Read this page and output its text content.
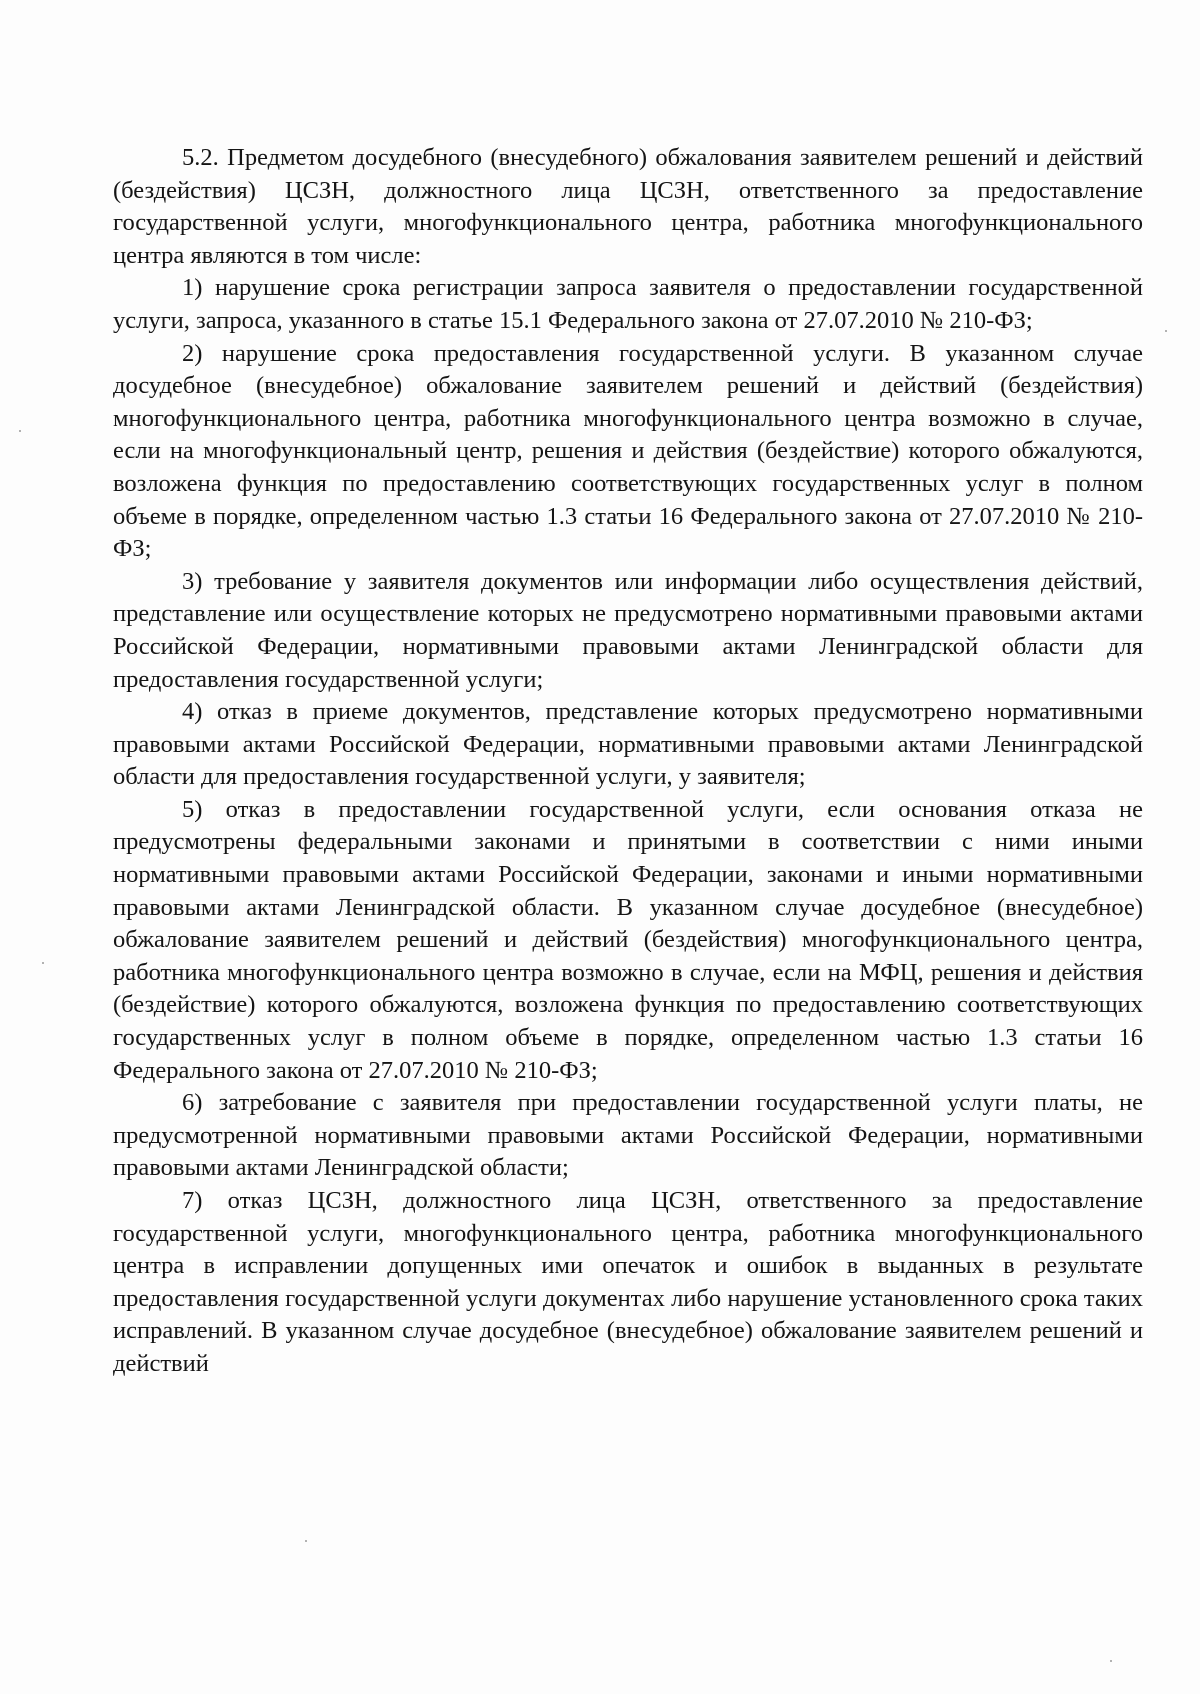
5.2. Предметом досудебного (внесудебного) обжалования заявителем решений и действий (бездействия) ЦСЗН, должностного лица ЦСЗН, ответственного за предоставление государственной услуги, многофункционального центра, работника многофункционального центра являются в том числе:

1) нарушение срока регистрации запроса заявителя о предоставлении государственной услуги, запроса, указанного в статье 15.1 Федерального закона от 27.07.2010 № 210-ФЗ;

2) нарушение срока предоставления государственной услуги. В указанном случае досудебное (внесудебное) обжалование заявителем решений и действий (бездействия) многофункционального центра, работника многофункционального центра возможно в случае, если на многофункциональный центр, решения и действия (бездействие) которого обжалуются, возложена функция по предоставлению соответствующих государственных услуг в полном объеме в порядке, определенном частью 1.3 статьи 16 Федерального закона от 27.07.2010 № 210-ФЗ;

3) требование у заявителя документов или информации либо осуществления действий, представление или осуществление которых не предусмотрено нормативными правовыми актами Российской Федерации, нормативными правовыми актами Ленинградской области для предоставления государственной услуги;

4) отказ в приеме документов, представление которых предусмотрено нормативными правовыми актами Российской Федерации, нормативными правовыми актами Ленинградской области для предоставления государственной услуги, у заявителя;

5) отказ в предоставлении государственной услуги, если основания отказа не предусмотрены федеральными законами и принятыми в соответствии с ними иными нормативными правовыми актами Российской Федерации, законами и иными нормативными правовыми актами Ленинградской области. В указанном случае досудебное (внесудебное) обжалование заявителем решений и действий (бездействия) многофункционального центра, работника многофункционального центра возможно в случае, если на МФЦ, решения и действия (бездействие) которого обжалуются, возложена функция по предоставлению соответствующих государственных услуг в полном объеме в порядке, определенном частью 1.3 статьи 16 Федерального закона от 27.07.2010 № 210-ФЗ;

6) затребование с заявителя при предоставлении государственной услуги платы, не предусмотренной нормативными правовыми актами Российской Федерации, нормативными правовыми актами Ленинградской области;

7) отказ ЦСЗН, должностного лица ЦСЗН, ответственного за предоставление государственной услуги, многофункционального центра, работника многофункционального центра в исправлении допущенных ими опечаток и ошибок в выданных в результате предоставления государственной услуги документах либо нарушение установленного срока таких исправлений. В указанном случае досудебное (внесудебное) обжалование заявителем решений и действий
